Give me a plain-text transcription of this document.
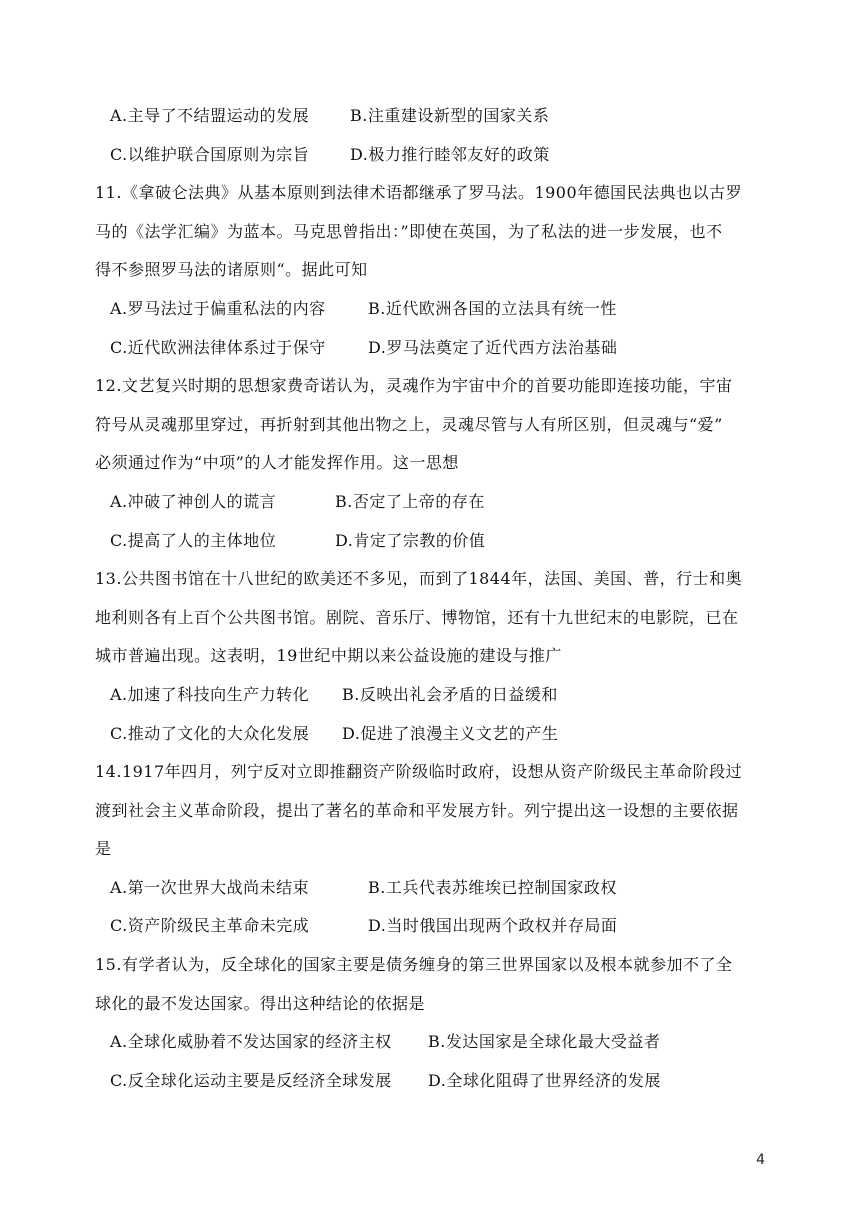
A.主导了不结盟运动的发展	B.注重建设新型的国家关系
C.以维护联合国原则为宗旨	D.极力推行睦邻友好的政策
11.《拿破仑法典》从基本原则到法律术语都继承了罗马法。1900年德国民法典也以古罗
马的《法学汇编》为蓝本。马克思曾指出：”即使在英国，为了私法的进一步发展，也不
得不参照罗马法的诸原则“。据此可知
A.罗马法过于偏重私法的内容	B.近代欧洲各国的立法具有统一性
C.近代欧洲法律体系过于保守	D.罗马法奠定了近代西方法治基础
12.文艺复兴时期的思想家费奇诺认为，灵魂作为宇宙中介的首要功能即连接功能，宇宙
符号从灵魂那里穿过，再折射到其他出物之上，灵魂尽管与人有所区别，但灵魂与“爱”
必须通过作为“中项”的人才能发挥作用。这一思想
A.冲破了神创人的谎言	B.否定了上帝的存在
C.提高了人的主体地位	D.肯定了宗教的价值
13.公共图书馆在十八世纪的欧美还不多见，而到了1844年，法国、美国、普，行士和奥
地利则各有上百个公共图书馆。剧院、音乐厅、博物馆，还有十九世纪末的电影院，已在
城市普遍出现。这表明，19世纪中期以来公益设施的建设与推广
A.加速了科技向生产力转化	B.反映出礼会矛盾的日益缓和
C.推动了文化的大众化发展	D.促进了浪漫主义文艺的产生
14.1917年四月，列宁反对立即推翻资产阶级临时政府，设想从资产阶级民主革命阶段过
渡到社会主义革命阶段，提出了著名的革命和平发展方针。列宁提出这一设想的主要依据
是
A.第一次世界大战尚未结束	B.工兵代表苏维埃已控制国家政权
C.资产阶级民主革命未完成	D.当时俄国出现两个政权并存局面
15.有学者认为，反全球化的国家主要是债务缠身的第三世界国家以及根本就参加不了全
球化的最不发达国家。得出这种结论的依据是
A.全球化威胁着不发达国家的经济主权	B.发达国家是全球化最大受益者
C.反全球化运动主要是反经济全球发展	D.全球化阻碍了世界经济的发展
4
